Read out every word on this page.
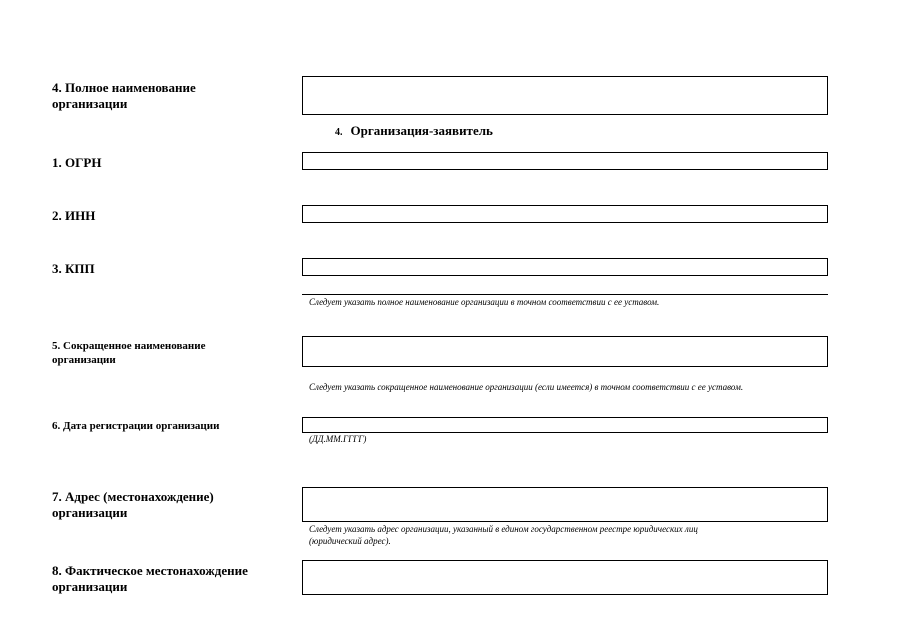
4. Полное наименование
организации
4. Организация-заявитель
1. ОГРН
2. ИНН
3. КПП
Следует указать полное наименование организации в точном соответствии с ее уставом.
5. Сокращенное наименование
организации
Следует указать сокращенное наименование организации (если имеется) в точном соответствии с ее уставом.
6. Дата регистрации организации
(ДД.ММ.ГГГГ)
7. Адрес (местонахождение)
организации
Следует указать адрес организации, указанный в едином государственном реестре юридических лиц
(юридический адрес).
8. Фактическое местонахождение
организации
